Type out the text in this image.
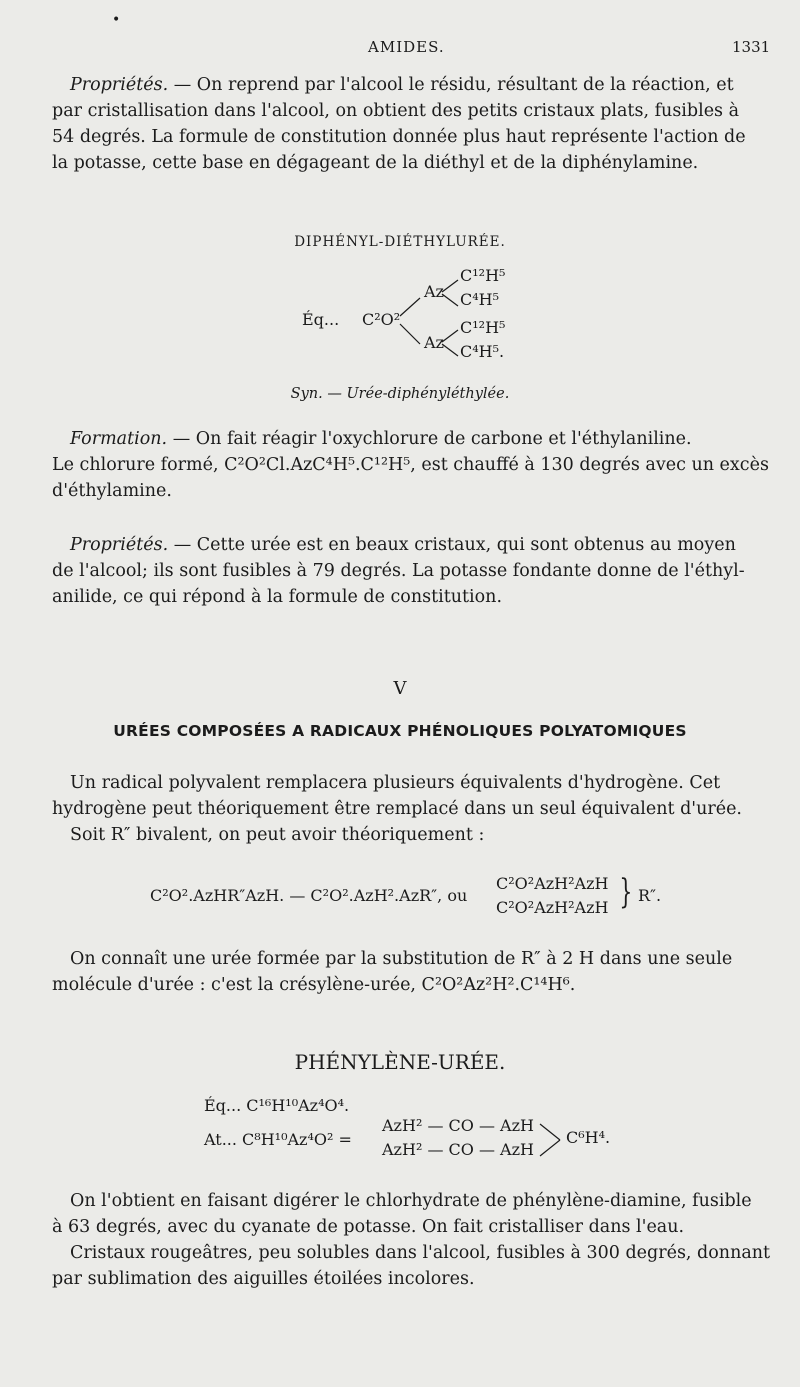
•
AMIDES.	1331
Propriétés. — On reprend par l'alcool le résidu, résultant de la réaction, et
par cristallisation dans l'alcool, on obtient des petits cristaux plats, fusibles à
54 degrés. La formule de constitution donnée plus haut représente l'action de
la potasse, cette base en dégageant de la diéthyl et de la diphénylamine.
DIPHÉNYL-DIÉTHYLURÉE.
Éq... C²O²
Az
Az
C¹²H⁵
C⁴H⁵
C¹²H⁵
C⁴H⁵.
Syn. — Urée-diphényléthylée.
Formation. — On fait réagir l'oxychlorure de carbone et l'éthylaniline.
Le chlorure formé, C²O²Cl.AzC⁴H⁵.C¹²H⁵, est chauffé à 130 degrés avec un excès
d'éthylamine.
Propriétés. — Cette urée est en beaux cristaux, qui sont obtenus au moyen
de l'alcool; ils sont fusibles à 79 degrés. La potasse fondante donne de l'éthyl-
anilide, ce qui répond à la formule de constitution.
V
URÉES COMPOSÉES A RADICAUX PHÉNOLIQUES POLYATOMIQUES
Un radical polyvalent remplacera plusieurs équivalents d'hydrogène. Cet
hydrogène peut théoriquement être remplacé dans un seul équivalent d'urée.
Soit R″ bivalent, on peut avoir théoriquement :
C²O².AzHR″AzH. — C²O².AzH².AzR″, ou
C²O²AzH²AzH
C²O²AzH²AzH } R″.
On connaît une urée formée par la substitution de R″ à 2 H dans une seule
molécule d'urée : c'est la crésylène-urée, C²O²Az²H².C¹⁴H⁶.
PHÉNYLÈNE-URÉE.
Éq... C¹⁶H¹⁰Az⁴O⁴.
At... C⁸H¹⁰Az⁴O² =
AzH² — CO — AzH
AzH² — CO — AzH
C⁶H⁴.
On l'obtient en faisant digérer le chlorhydrate de phénylène-diamine, fusible
à 63 degrés, avec du cyanate de potasse. On fait cristalliser dans l'eau.
Cristaux rougeâtres, peu solubles dans l'alcool, fusibles à 300 degrés, donnant
par sublimation des aiguilles étoilées incolores.
